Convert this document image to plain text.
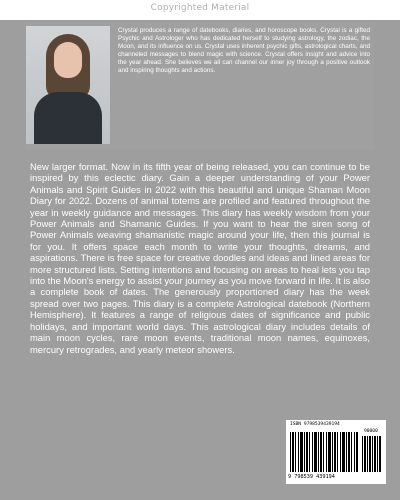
Copyrighted Material

Crystal produces a range of datebooks, diaries, and horoscope books. Crystal is a gifted Psychic and Astrologer who has dedicated herself to studying astrology, the zodiac, the Moon, and its influence on us. Crystal uses inherent psychic gifts, astrological charts, and channeled messages to blend magic with science. Crystal offers insight and advice into the year ahead. She believes we all can channel our inner joy through a positive outlook and inspiring thoughts and actions.

New larger format. Now in its fifth year of being released, you can continue to be inspired by this eclectic diary. Gain a deeper understanding of your Power Animals and Spirit Guides in 2022 with this beautiful and unique Shaman Moon Diary for 2022. Dozens of animal totems are profiled and featured throughout the year in weekly guidance and messages. This diary has weekly wisdom from your Power Animals and Shamanic Guides. If you want to hear the siren song of Power Animals weaving shamanistic magic around your life, then this journal is for you. It offers space each month to write your thoughts, dreams, and aspirations. There is free space for creative doodles and ideas and lined areas for more structured lists. Setting intentions and focusing on areas to heal lets you tap into the Moon's energy to assist your journey as you move forward in life. It is also a complete book of dates. The generously proportioned diary has the week spread over two pages. This diary is a complete Astrological datebook (Northern Hemisphere). It features a range of religious dates of significance and public holidays, and important world days. This astrological diary includes details of main moon cycles, rare moon events, traditional moon names, equinoxes, mercury retrogrades, and yearly meteor showers.

ISBN 9798539439194
90000
9 798539 439194
